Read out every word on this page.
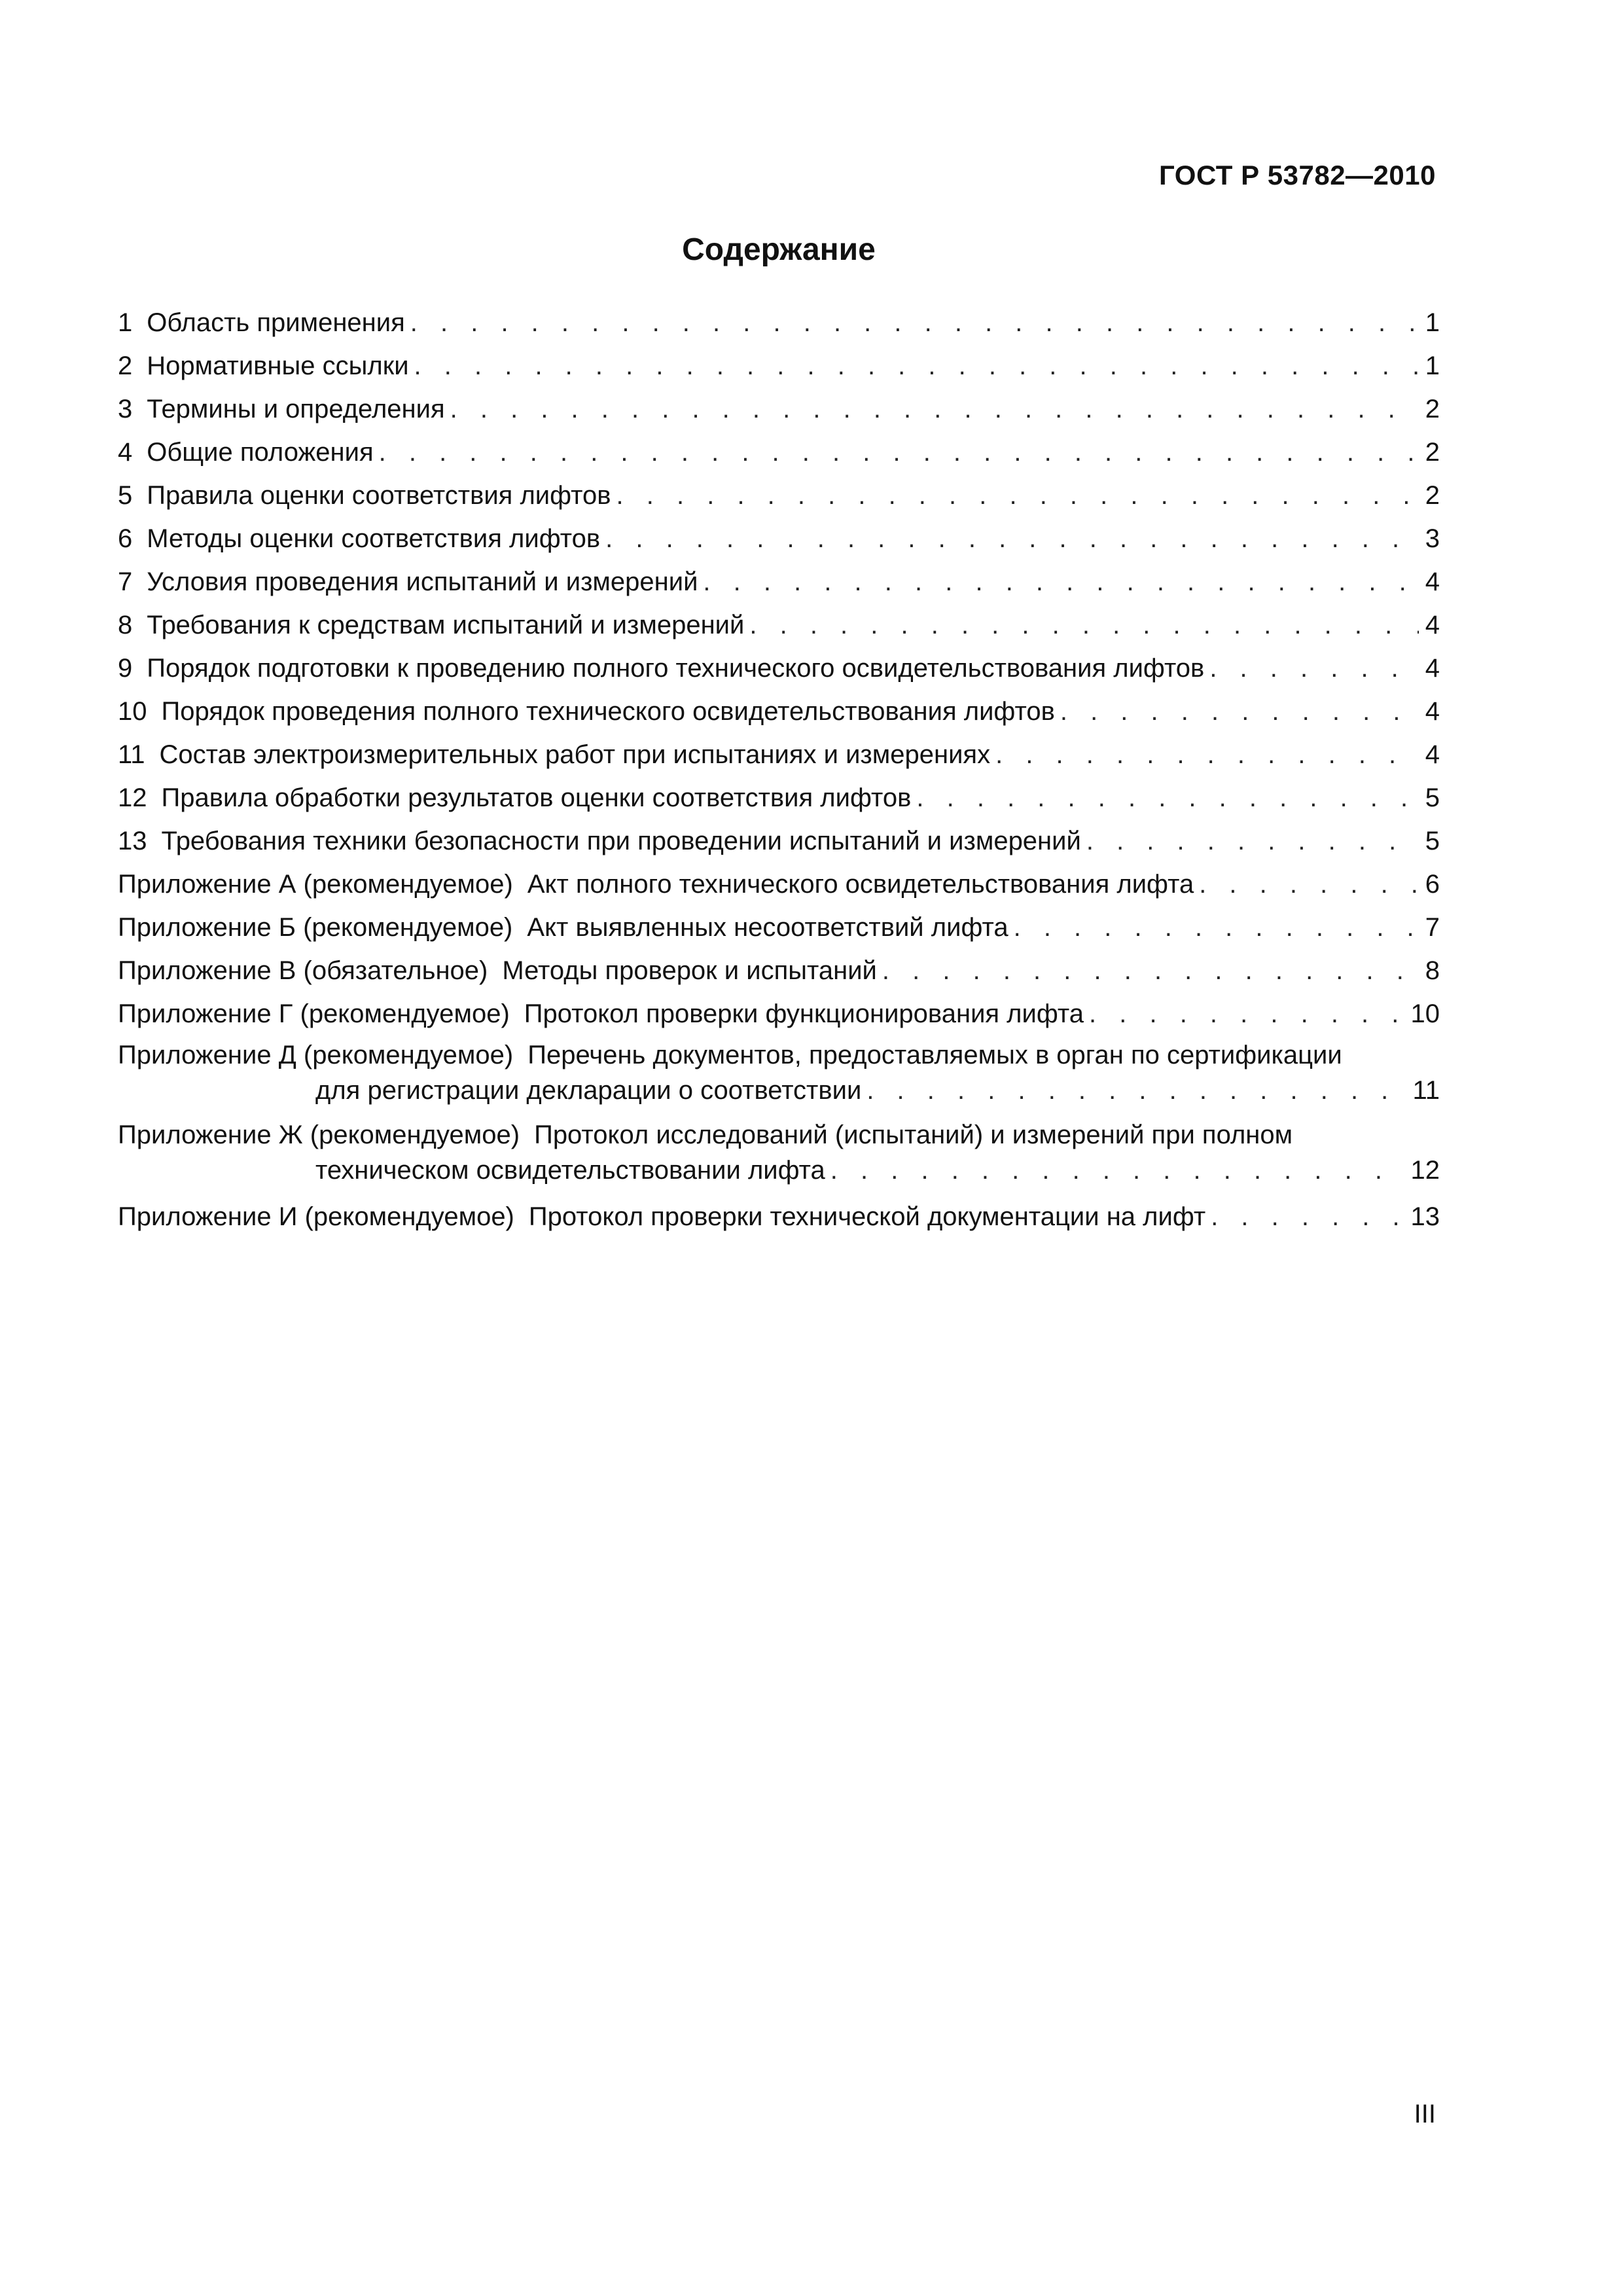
ГОСТ Р 53782—2010
Содержание
1 Область применения . . .	1
2 Нормативные ссылки . . .	1
3 Термины и определения . . .	2
4 Общие положения . . .	2
5 Правила оценки соответствия лифтов . . .	2
6 Методы оценки соответствия лифтов . . .	3
7 Условия проведения испытаний и измерений . . .	4
8 Требования к средствам испытаний и измерений . . .	4
9 Порядок подготовки к проведению полного технического освидетельствования лифтов . . .	4
10 Порядок проведения полного технического освидетельствования лифтов . . .	4
11 Состав электроизмерительных работ при испытаниях и измерениях . . .	4
12 Правила обработки результатов оценки соответствия лифтов . . .	5
13 Требования техники безопасности при проведении испытаний и измерений . . .	5
Приложение А (рекомендуемое) Акт полного технического освидетельствования лифта . . .	6
Приложение Б (рекомендуемое) Акт выявленных несоответствий лифта . . .	7
Приложение В (обязательное) Методы проверок и испытаний . . .	8
Приложение Г (рекомендуемое) Протокол проверки функционирования лифта . . .	10
Приложение Д (рекомендуемое) Перечень документов, предоставляемых в орган по сертификации
для регистрации декларации о соответствии . . .	11
Приложение Ж (рекомендуемое) Протокол исследований (испытаний) и измерений при полном
техническом освидетельствовании лифта . . .	12
Приложение И (рекомендуемое) Протокол проверки технической документации на лифт . . .	13
III
